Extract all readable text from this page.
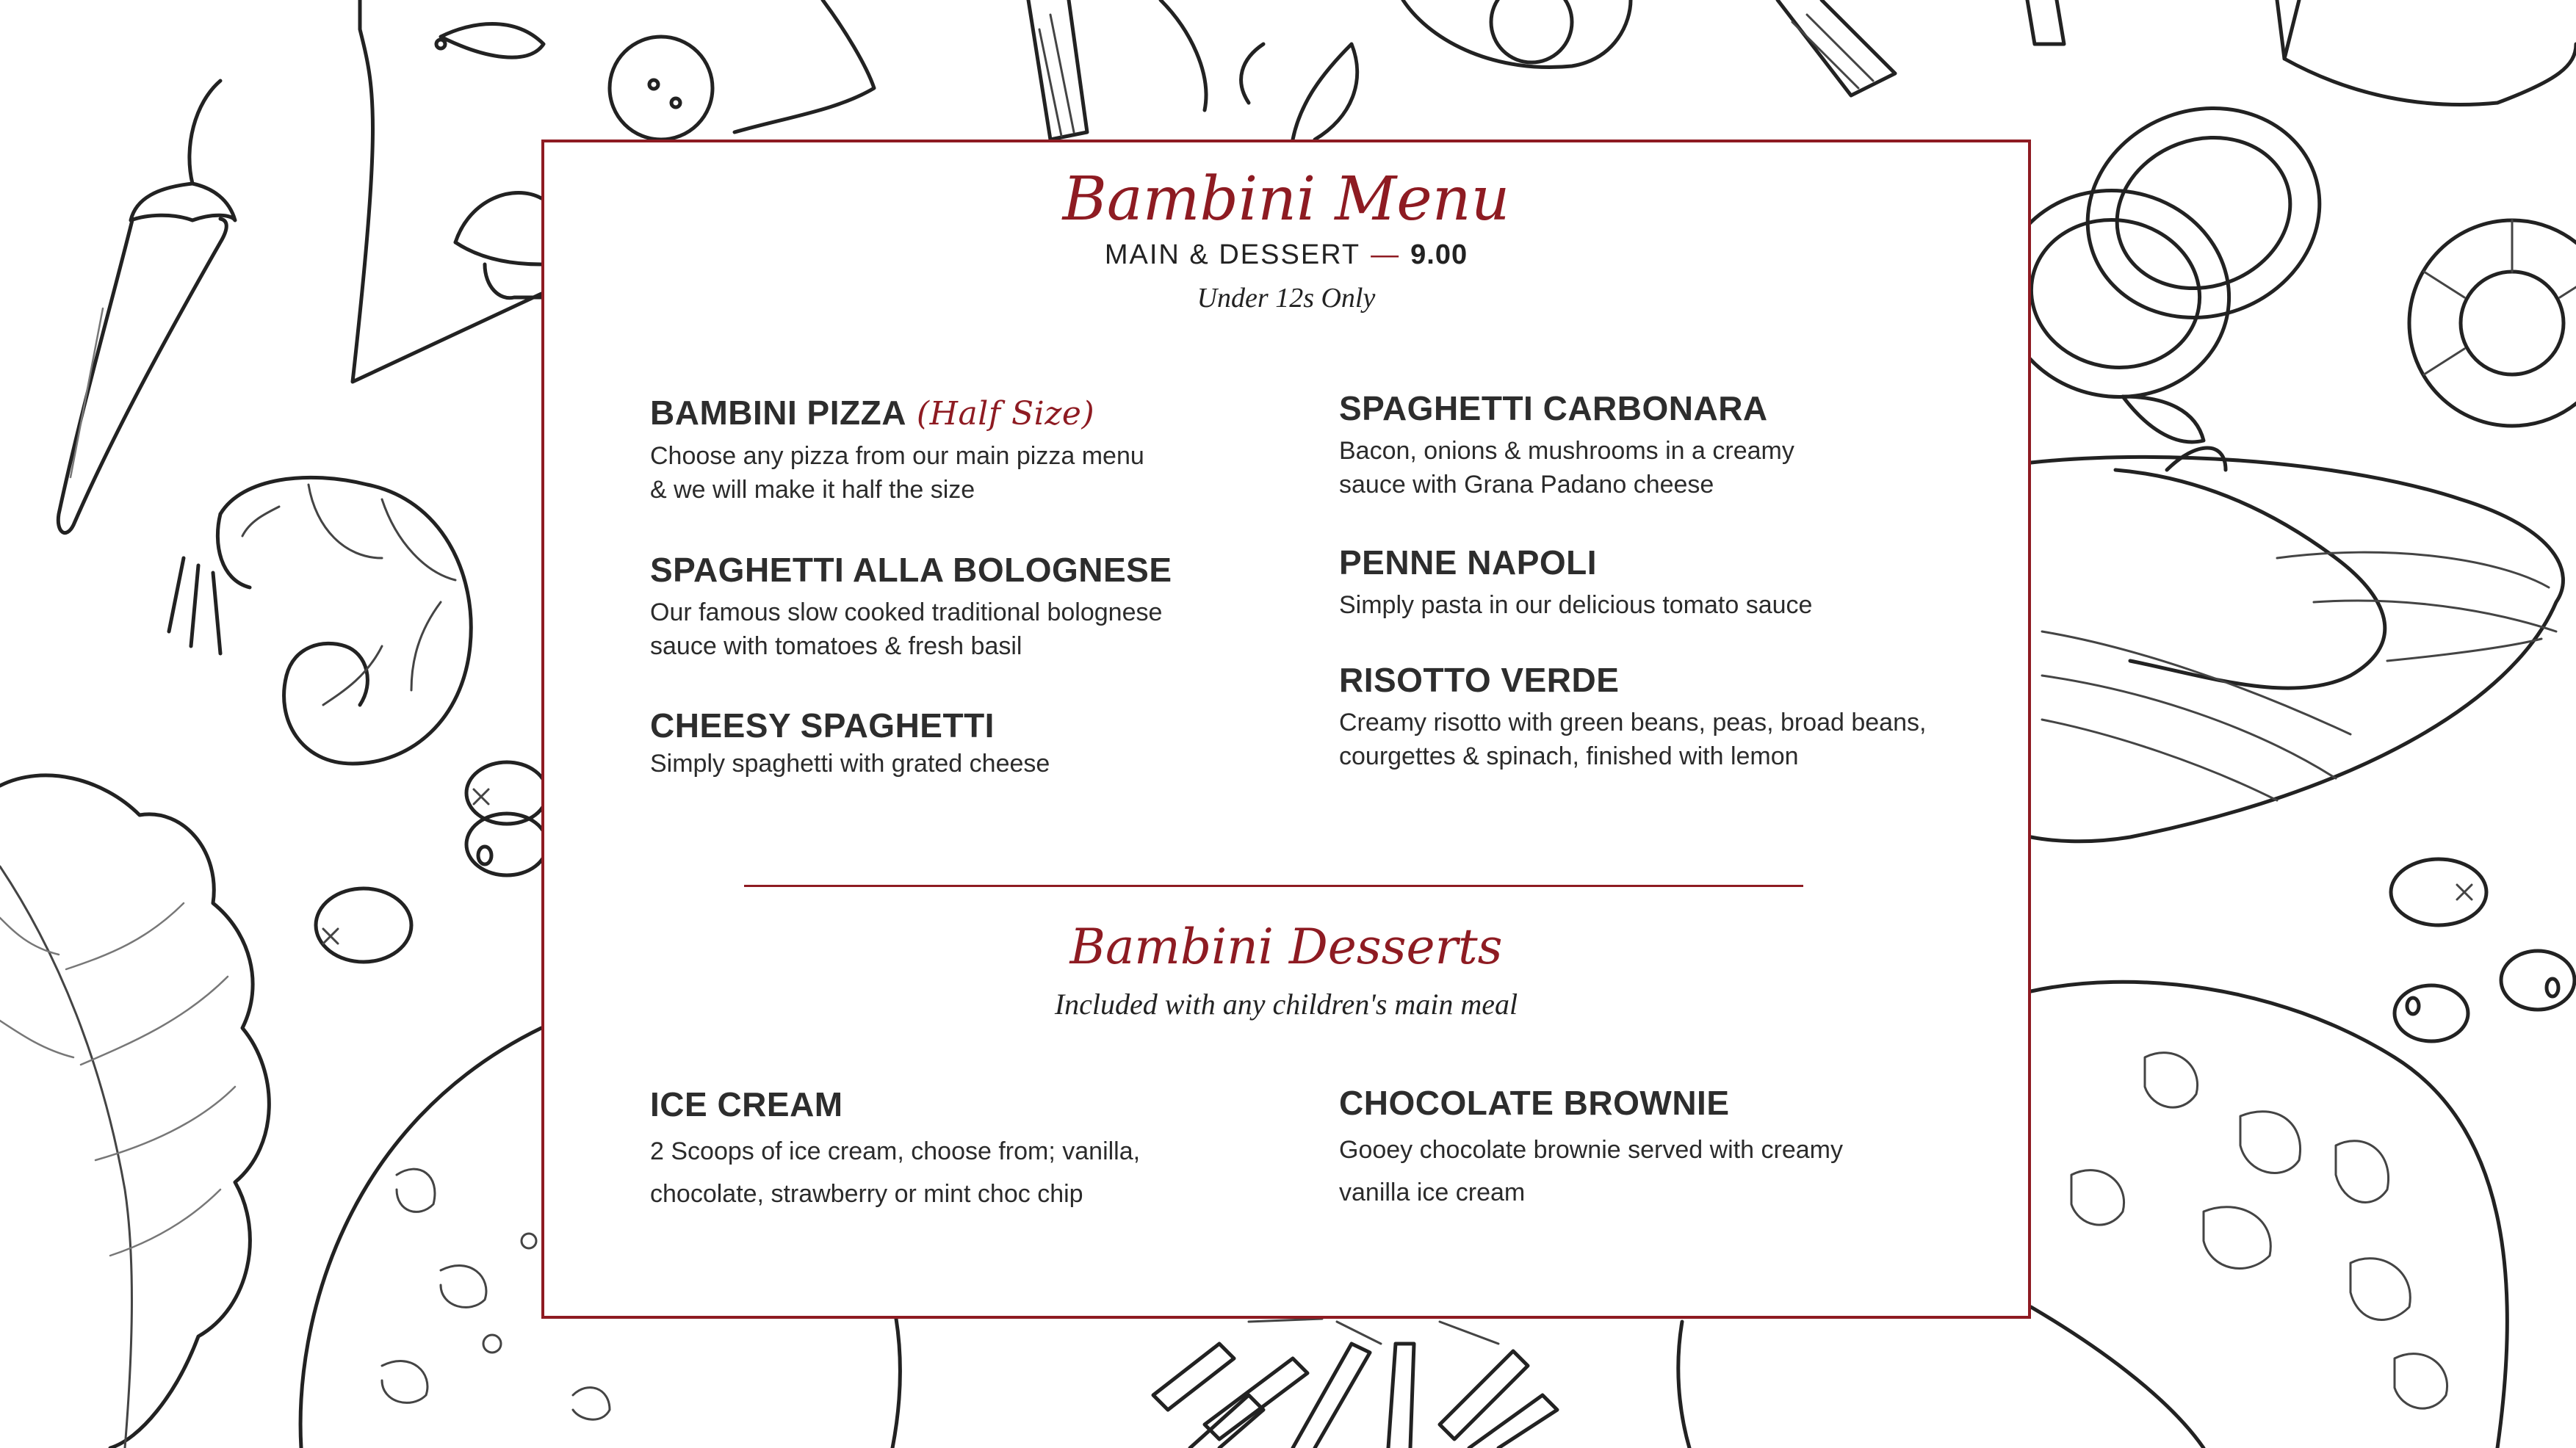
Bambini Menu
MAIN & DESSERT — 9.00
Under 12s Only
BAMBINI PIZZA (Half Size)
Choose any pizza from our main pizza menu
& we will make it half the size
SPAGHETTI ALLA BOLOGNESE
Our famous slow cooked traditional bolognese
sauce with tomatoes & fresh basil
CHEESY SPAGHETTI
Simply spaghetti with grated cheese
SPAGHETTI CARBONARA
Bacon, onions & mushrooms in a creamy
sauce with Grana Padano cheese
PENNE NAPOLI
Simply pasta in our delicious tomato sauce
RISOTTO VERDE
Creamy risotto with green beans, peas, broad beans,
courgettes & spinach, finished with lemon
Bambini Desserts
Included with any children's main meal
ICE CREAM
2 Scoops of ice cream, choose from; vanilla,
chocolate, strawberry or mint choc chip
CHOCOLATE BROWNIE
Gooey chocolate brownie served with creamy
vanilla ice cream
